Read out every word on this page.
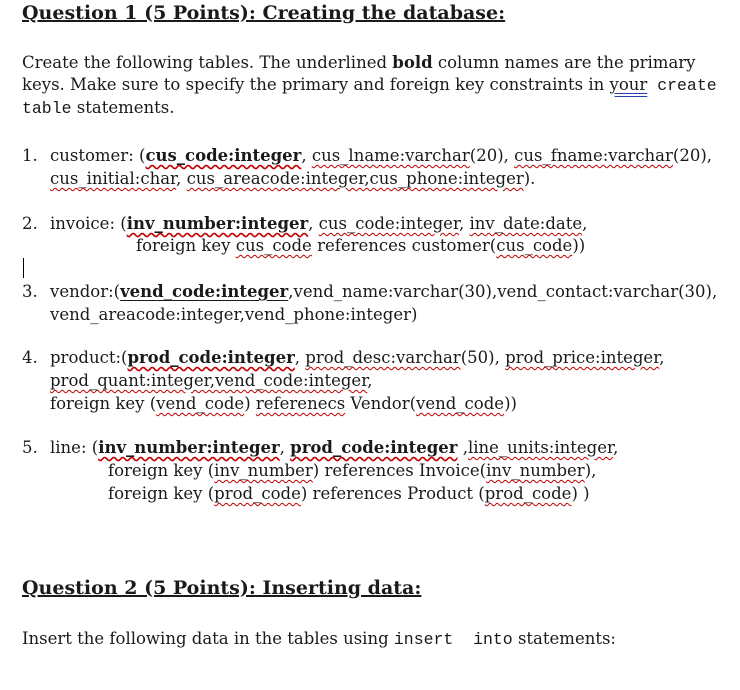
Question 1 (5 Points): Creating the database:
Create the following tables. The underlined bold column names are the primary
keys. Make sure to specify the primary and foreign key constraints in your create
table statements.
1. customer: (cus_code:integer, cus_lname:varchar(20), cus_fname:varchar(20),
cus_initial:char, cus_areacode:integer,cus_phone:integer).
2. invoice: (inv_number:integer, cus_code:integer, inv_date:date,
foreign key cus_code references customer(cus_code))
3. vendor:(vend_code:integer,vend_name:varchar(30),vend_contact:varchar(30),
vend_areacode:integer,vend_phone:integer)
4. product:(prod_code:integer, prod_desc:varchar(50), prod_price:integer,
prod_quant:integer,vend_code:integer,
foreign key (vend_code) referenecs Vendor(vend_code))
5. line: (inv_number:integer, prod_code:integer ,line_units:integer,
foreign key (inv_number) references Invoice(inv_number),
foreign key (prod_code) references Product (prod_code) )
Question 2 (5 Points): Inserting data:
Insert the following data in the tables using insert  into statements:
